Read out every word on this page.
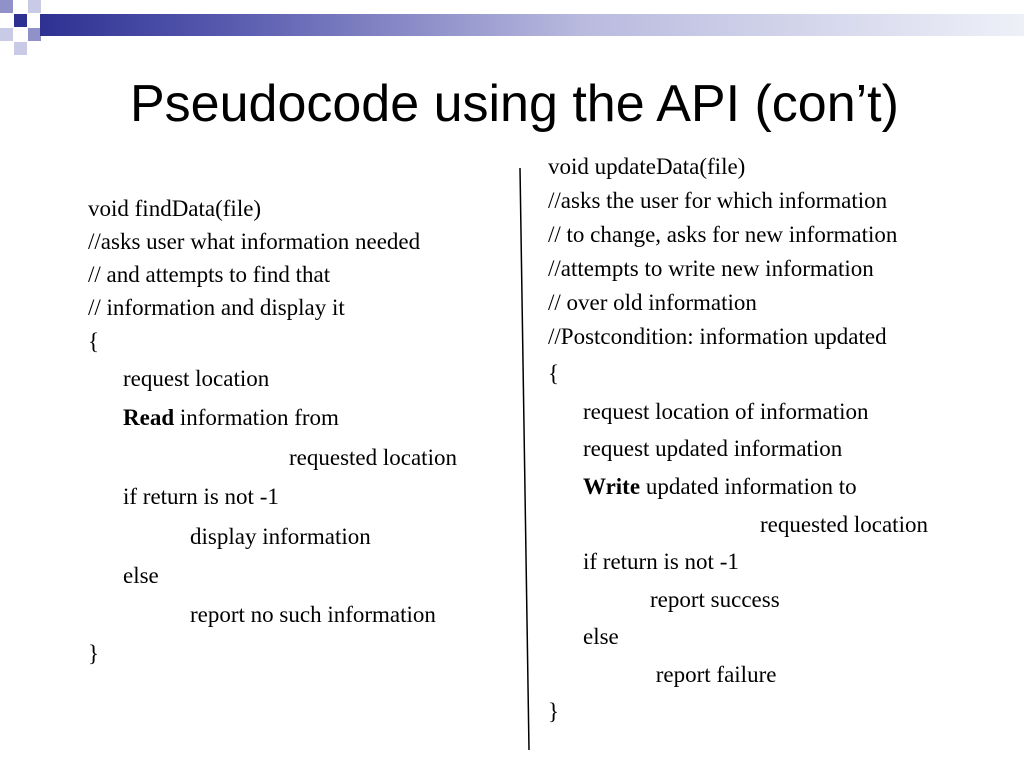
Pseudocode using the API (con’t)
void findData(file)
//asks user what information needed
// and attempts to find that
// information and display it
{
request location
Read information from
requested location
if return is not -1
display information
else
report no such information
}
void updateData(file)
//asks the user for which information
// to change, asks for new information
//attempts to write new information
// over old information
//Postcondition: information updated
{
request location of information
request updated information
Write updated information to
requested location
if return is not -1
report success
else
report failure
}
